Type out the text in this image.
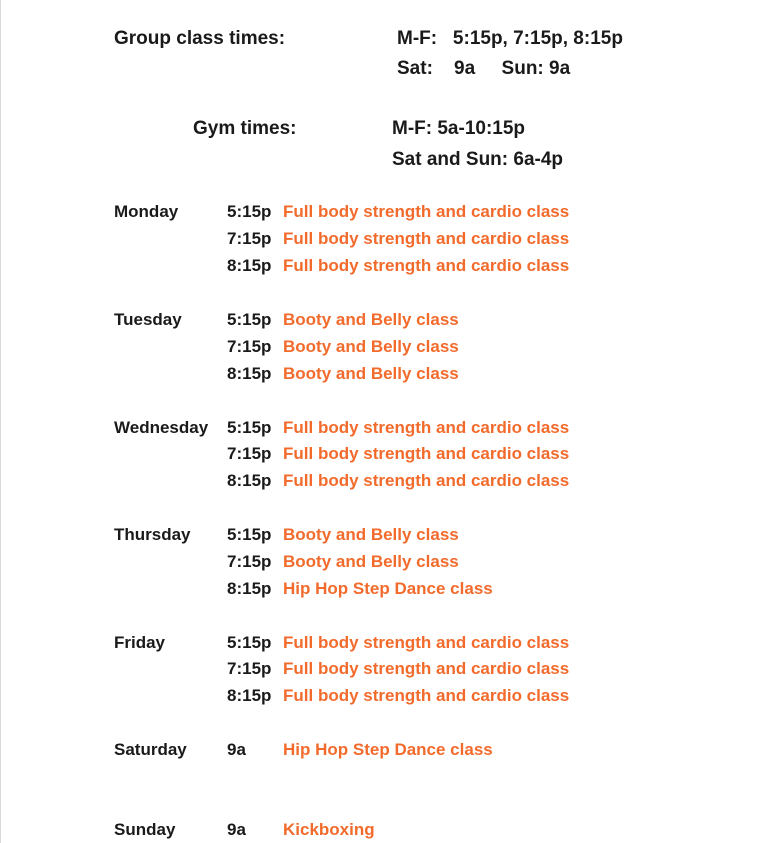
Group class times:	M-F:   5:15p, 7:15p, 8:15p
Sat:    9a     Sun: 9a
Gym times:	M-F: 5a-10:15p
Sat and Sun: 6a-4p
Monday	5:15p Full body strength and cardio class
7:15p Full body strength and cardio class
8:15p Full body strength and cardio class
Tuesday	5:15p Booty and Belly class
7:15p Booty and Belly class
8:15p Booty and Belly class
Wednesday 5:15p Full body strength and cardio class
7:15p Full body strength and cardio class
8:15p Full body strength and cardio class
Thursday 5:15p Booty and Belly class
7:15p Booty and Belly class
8:15p Hip Hop Step Dance class
Friday	5:15p Full body strength and cardio class
7:15p Full body strength and cardio class
8:15p Full body strength and cardio class
Saturday 9a Hip Hop Step Dance class
Sunday	9a Kickboxing
